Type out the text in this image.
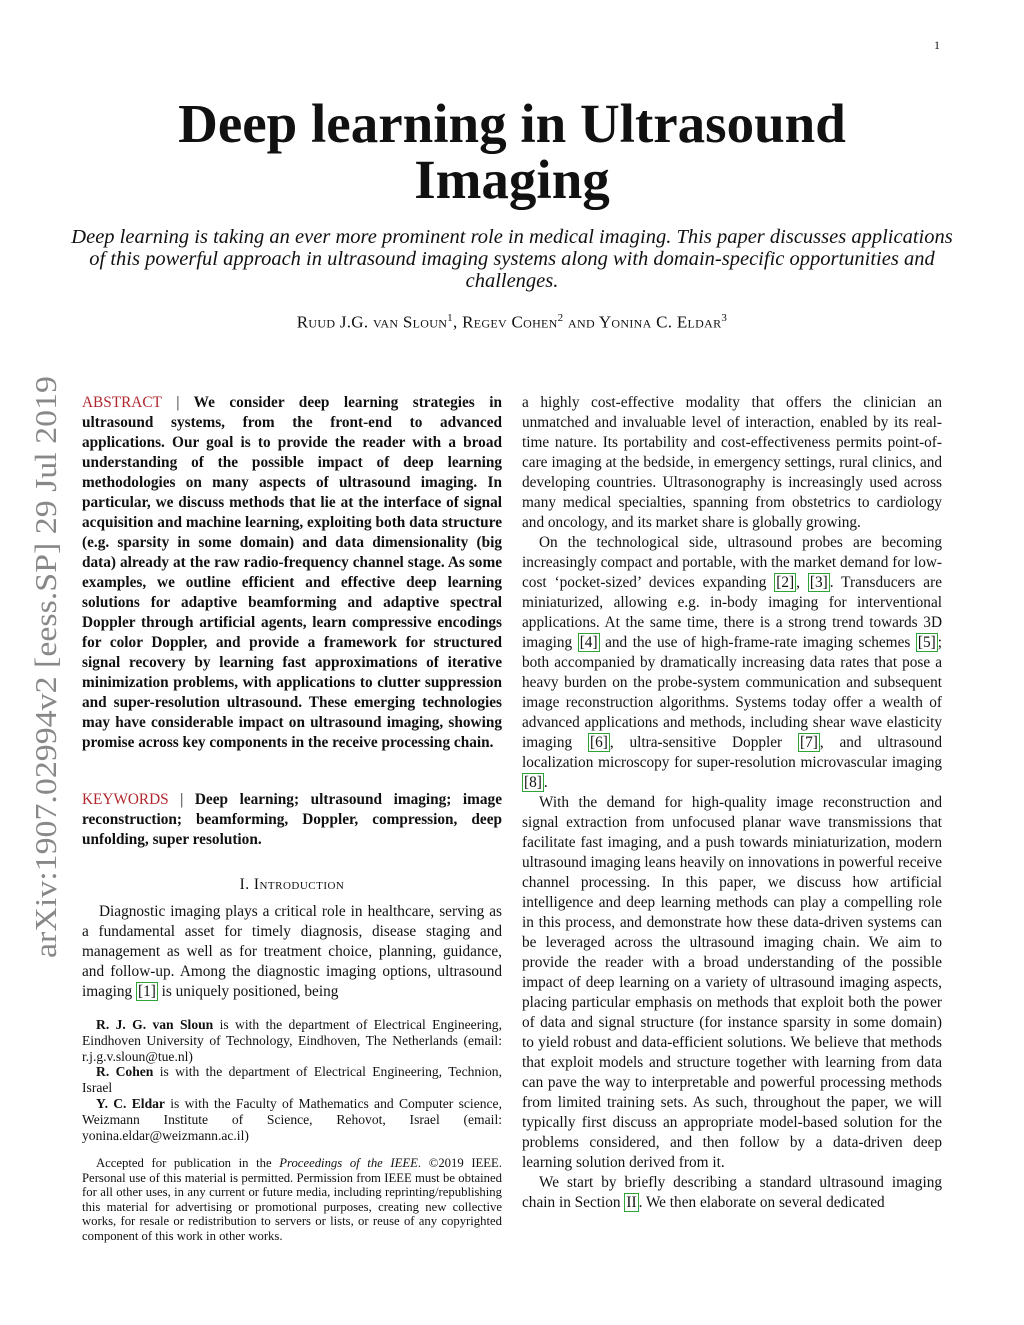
1
arXiv:1907.02994v2 [eess.SP] 29 Jul 2019
Deep learning in Ultrasound
Imaging
Deep learning is taking an ever more prominent role in medical imaging. This paper discusses applications of this powerful approach in ultrasound imaging systems along with domain-specific opportunities and challenges.
Ruud J.G. van Sloun$^1$, Regev Cohen$^2$ and Yonina C. Eldar$^3$

ABSTRACT | We consider deep learning strategies in ultrasound systems, from the front-end to advanced applications. Our goal is to provide the reader with a broad understanding of the possible impact of deep learning methodologies on many aspects of ultrasound imaging. In particular, we discuss methods that lie at the interface of signal acquisition and machine learning, exploiting both data structure (e.g. sparsity in some domain) and data dimensionality (big data) already at the raw radio-frequency channel stage. As some examples, we outline efficient and effective deep learning solutions for adaptive beamforming and adaptive spectral Doppler through artificial agents, learn compressive encodings for color Doppler, and provide a framework for structured signal recovery by learning fast approximations of iterative minimization problems, with applications to clutter suppression and super-resolution ultrasound. These emerging technologies may have considerable impact on ultrasound imaging, showing promise across key components in the receive processing chain.

KEYWORDS | Deep learning; ultrasound imaging; image reconstruction; beamforming, Doppler, compression, deep unfolding, super resolution.

I. Introduction

Diagnostic imaging plays a critical role in healthcare, serving as a fundamental asset for timely diagnosis, disease staging and management as well as for treatment choice, planning, guidance, and follow-up. Among the diagnostic imaging options, ultrasound imaging [1] is uniquely positioned, being

R. J. G. van Sloun is with the department of Electrical Engineering, Eindhoven University of Technology, Eindhoven, The Netherlands (email: r.j.g.v.sloun@tue.nl)

R. Cohen is with the department of Electrical Engineering, Technion, Israel

Y. C. Eldar is with the Faculty of Mathematics and Computer science, Weizmann Institute of Science, Rehovot, Israel (email: yonina.eldar@weizmann.ac.il)

Accepted for publication in the Proceedings of the IEEE. ©2019 IEEE. Personal use of this material is permitted. Permission from IEEE must be obtained for all other uses, in any current or future media, including reprinting/republishing this material for advertising or promotional purposes, creating new collective works, for resale or redistribution to servers or lists, or reuse of any copyrighted component of this work in other works.

a highly cost-effective modality that offers the clinician an unmatched and invaluable level of interaction, enabled by its real-time nature. Its portability and cost-effectiveness permits point-of-care imaging at the bedside, in emergency settings, rural clinics, and developing countries. Ultrasonography is increasingly used across many medical specialties, spanning from obstetrics to cardiology and oncology, and its market share is globally growing.

On the technological side, ultrasound probes are becoming increasingly compact and portable, with the market demand for low-cost ‘pocket-sized’ devices expanding [2] , [3] . Transducers are miniaturized, allowing e.g. in-body imaging for interventional applications. At the same time, there is a strong trend towards 3D imaging [4] and the use of high-frame-rate imaging schemes [5] ; both accompanied by dramatically increasing data rates that pose a heavy burden on the probe-system communication and subsequent image reconstruction algorithms. Systems today offer a wealth of advanced applications and methods, including shear wave elasticity imaging [6] , ultra-sensitive Doppler [7] , and ultrasound localization microscopy for super-resolution microvascular imaging [8] .

With the demand for high-quality image reconstruction and signal extraction from unfocused planar wave transmissions that facilitate fast imaging, and a push towards miniaturization, modern ultrasound imaging leans heavily on innovations in powerful receive channel processing. In this paper, we discuss how artificial intelligence and deep learning methods can play a compelling role in this process, and demonstrate how these data-driven systems can be leveraged across the ultrasound imaging chain. We aim to provide the reader with a broad understanding of the possible impact of deep learning on a variety of ultrasound imaging aspects, placing particular emphasis on methods that exploit both the power of data and signal structure (for instance sparsity in some domain) to yield robust and data-efficient solutions. We believe that methods that exploit models and structure together with learning from data can pave the way to interpretable and powerful processing methods from limited training sets. As such, throughout the paper, we will typically first discuss an appropriate model-based solution for the problems considered, and then follow by a data-driven deep learning solution derived from it.

We start by briefly describing a standard ultrasound imaging chain in Section II . We then elaborate on several dedicated
